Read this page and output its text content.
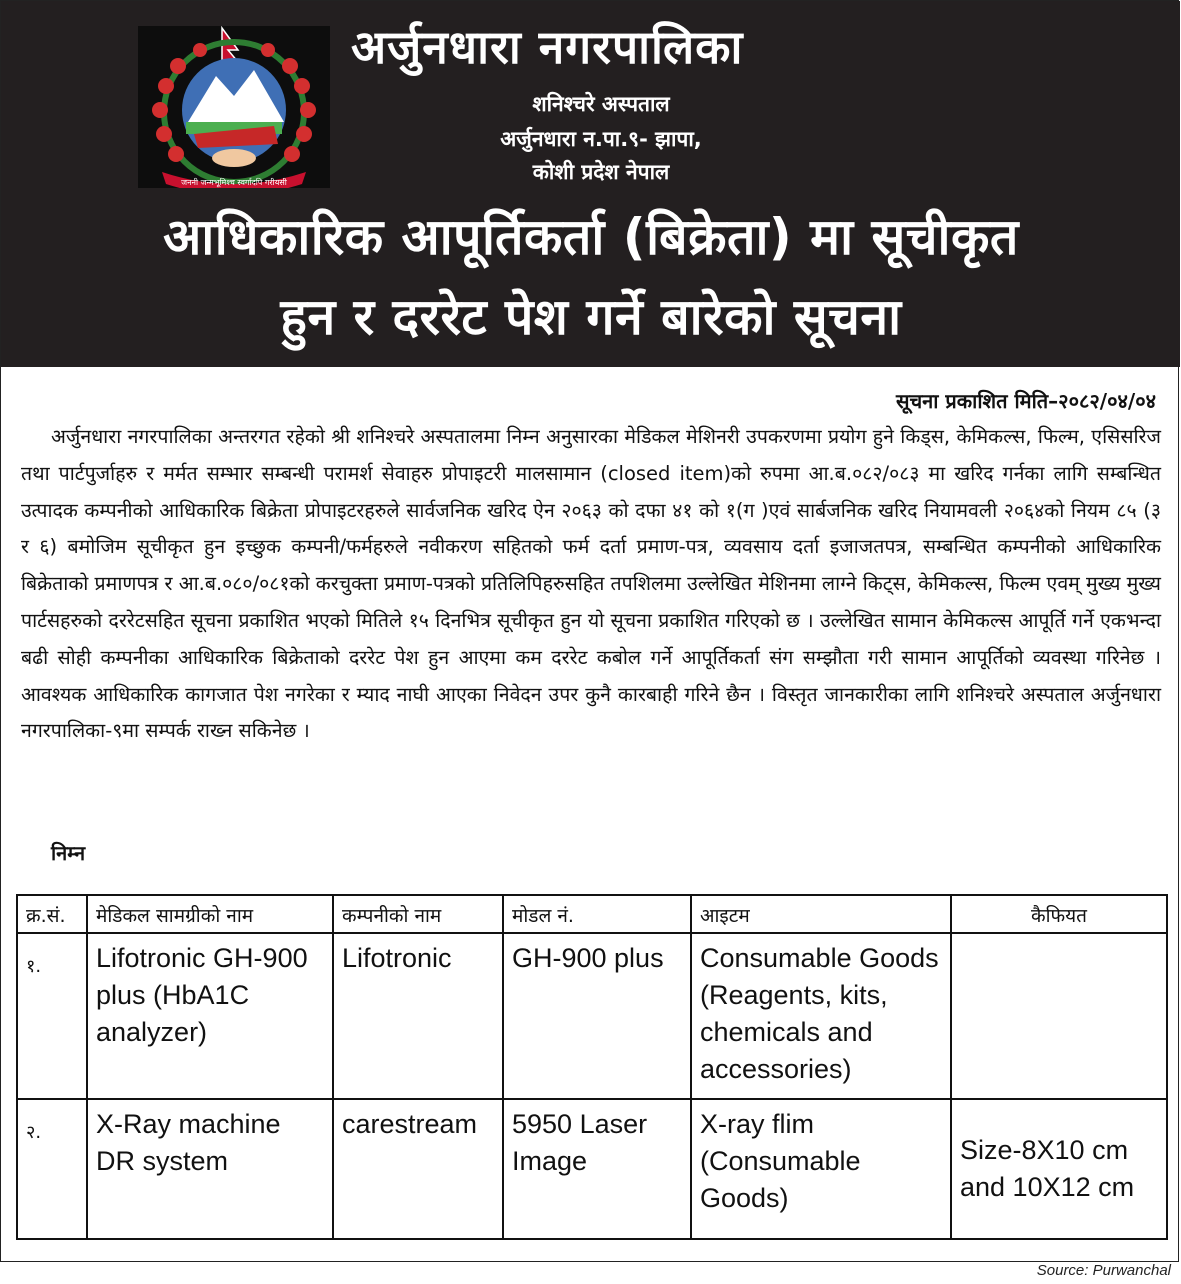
जननी जन्मभूमिश्च स्वर्गादपि गरीयसी
अर्जुनधारा नगरपालिका
शनिश्चरे अस्पताल
अर्जुनधारा न.पा.९- झापा,
कोशी प्रदेश नेपाल
आधिकारिक आपूर्तिकर्ता (बिक्रेता) मा सूचीकृत
हुन र दररेट पेश गर्ने बारेको सूचना
सूचना प्रकाशित मिति–२०८२/०४/०४
अर्जुनधारा नगरपालिका अन्तरगत रहेको श्री शनिश्चरे अस्पतालमा निम्न अनुसारका मेडिकल मेशिनरी उपकरणमा प्रयोग हुने किड्स, केमिकल्स, फिल्म, एसिसरिज तथा पार्टपुर्जाहरु र मर्मत सम्भार सम्बन्धी परामर्श सेवाहरु प्रोपाइटरी मालसामान (closed item)को रुपमा आ.ब.०८२/०८३ मा खरिद गर्नका लागि सम्बन्धित उत्पादक कम्पनीको आधिकारिक बिक्रेता प्रोपाइटरहरुले सार्वजनिक खरिद ऐन २०६३ को दफा ४१ को १(ग )एवं सार्बजनिक खरिद नियामवली २०६४को नियम ८५ (३ र ६) बमोजिम सूचीकृत हुन इच्छुक कम्पनी/फर्महरुले नवीकरण सहितको फर्म दर्ता प्रमाण-पत्र, व्यवसाय दर्ता इजाजतपत्र, सम्बन्धित कम्पनीको आधिकारिक बिक्रेताको प्रमाणपत्र र आ.ब.०८०/०८१को करचुक्ता प्रमाण-पत्रको प्रतिलिपिहरुसहित तपशिलमा उल्लेखित मेशिनमा लाग्ने किट्स, केमिकल्स, फिल्म एवम् मुख्य मुख्य पार्टसहरुको दररेटसहित सूचना प्रकाशित भएको मितिले १५ दिनभित्र सूचीकृत हुन यो सूचना प्रकाशित गरिएको छ । उल्लेखित सामान केमिकल्स आपूर्ति गर्ने एकभन्दा बढी सोही कम्पनीका आधिकारिक बिक्रेताको दररेट पेश हुन आएमा कम दररेट कबोल गर्ने आपूर्तिकर्ता संग सम्झौता गरी सामान आपूर्तिको व्यवस्था गरिनेछ । आवश्यक आधिकारिक कागजात पेश नगरेका र म्याद नाघी आएका निवेदन उपर कुनै कारबाही गरिने छैन । विस्तृत जानकारीका लागि शनिश्चरे अस्पताल अर्जुनधारा नगरपालिका-९मा सम्पर्क राख्न सकिनेछ ।
निम्न
क्र.सं.	मेडिकल सामग्रीको नाम	कम्पनीको नाम	मोडल नं.	आइटम	कैफियत
१.	Lifotronic GH-900 plus (HbA1C analyzer)	Lifotronic	GH-900 plus	Consumable Goods (Reagents, kits, chemicals and accessories)	
२.	X-Ray machine DR system	carestream	5950 Laser Image	X-ray flim (Consumable Goods)	Size-8X10 cm and 10X12 cm
Source: Purwanchal
